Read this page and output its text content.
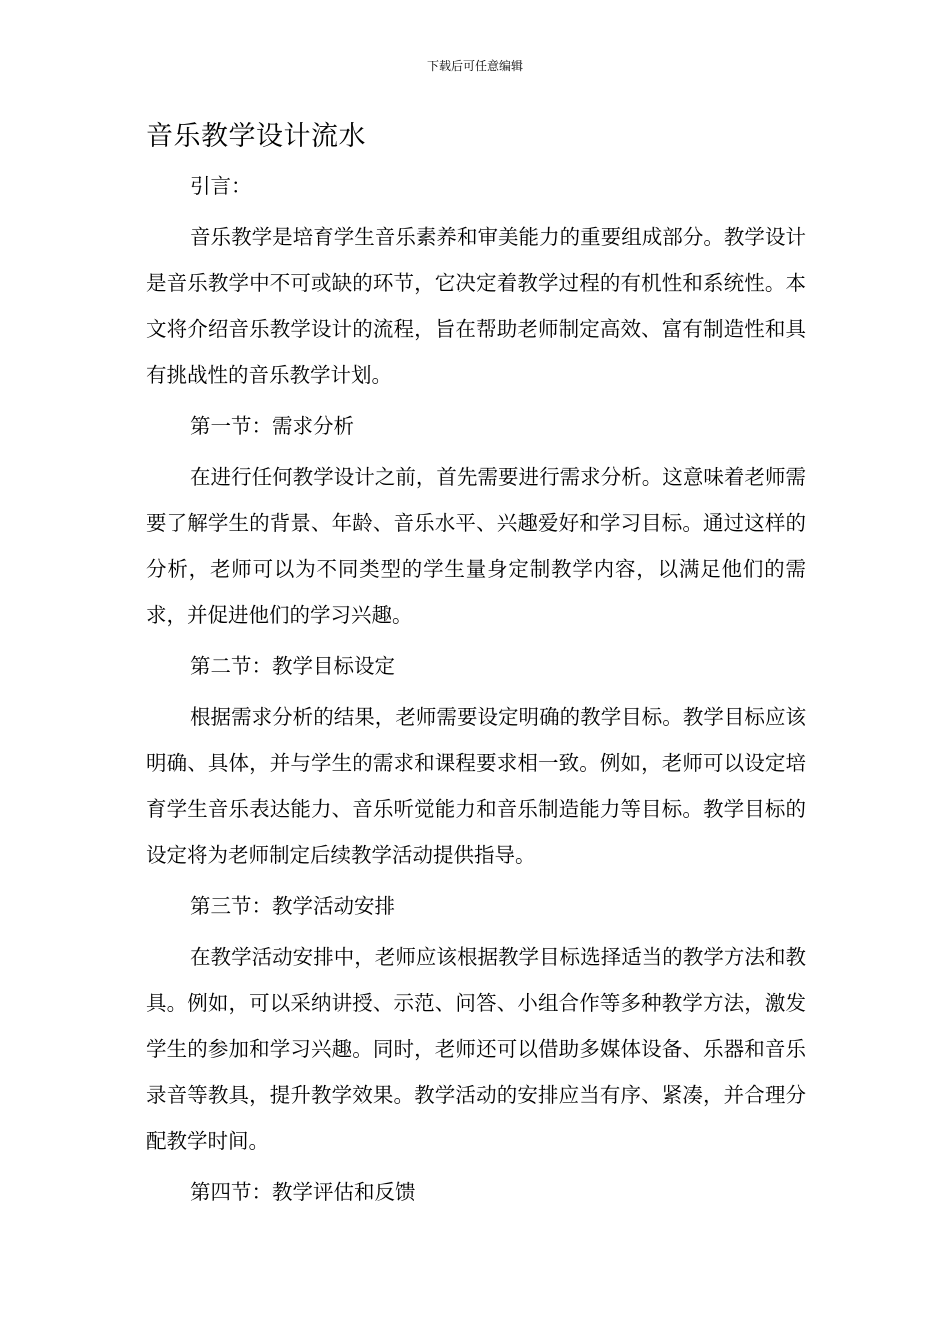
下载后可任意编辑
音乐教学设计流水

引言：

音乐教学是培育学生音乐素养和审美能力的重要组成部分。教学设计是音乐教学中不可或缺的环节，它决定着教学过程的有机性和系统性。本文将介绍音乐教学设计的流程，旨在帮助老师制定高效、富有制造性和具有挑战性的音乐教学计划。

第一节：需求分析

在进行任何教学设计之前，首先需要进行需求分析。这意味着老师需要了解学生的背景、年龄、音乐水平、兴趣爱好和学习目标。通过这样的分析，老师可以为不同类型的学生量身定制教学内容，以满足他们的需求，并促进他们的学习兴趣。

第二节：教学目标设定

根据需求分析的结果，老师需要设定明确的教学目标。教学目标应该明确、具体，并与学生的需求和课程要求相一致。例如，老师可以设定培育学生音乐表达能力、音乐听觉能力和音乐制造能力等目标。教学目标的设定将为老师制定后续教学活动提供指导。

第三节：教学活动安排

在教学活动安排中，老师应该根据教学目标选择适当的教学方法和教具。例如，可以采纳讲授、示范、问答、小组合作等多种教学方法，激发学生的参加和学习兴趣。同时，老师还可以借助多媒体设备、乐器和音乐录音等教具，提升教学效果。教学活动的安排应当有序、紧凑，并合理分配教学时间。

第四节：教学评估和反馈
